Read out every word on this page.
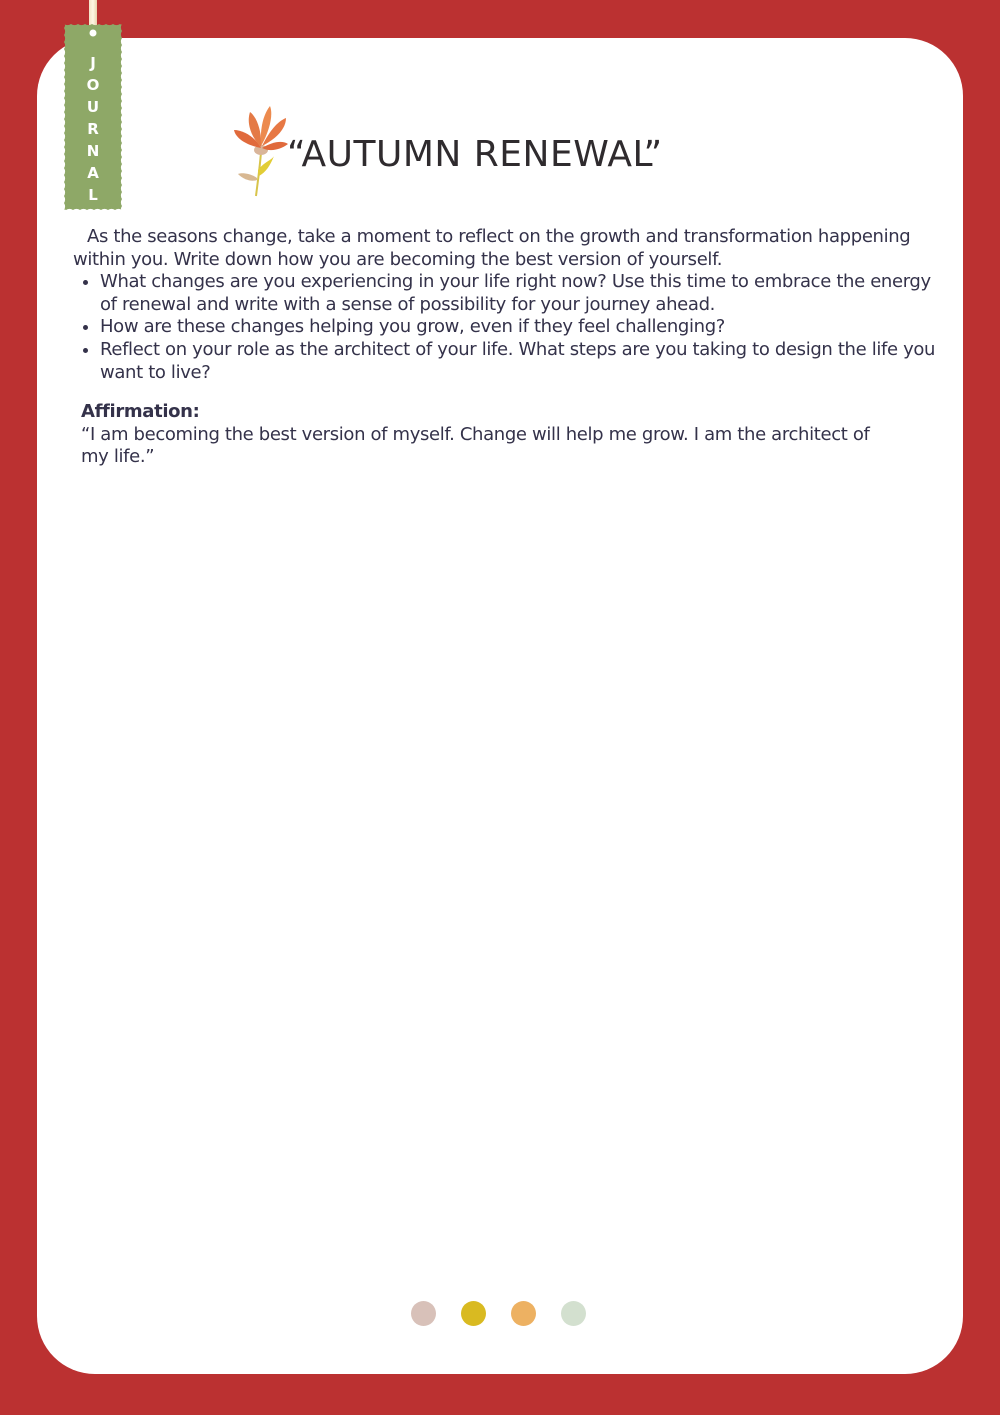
J
O
U
R
N
A
L
“AUTUMN RENEWAL”

As the seasons change, take a moment to reflect on the growth and transformation happening within you. Write down how you are becoming the best version of yourself.

• What changes are you experiencing in your life right now? Use this time to embrace the energy of renewal and write with a sense of possibility for your journey ahead.
• How are these changes helping you grow, even if they feel challenging?
• Reflect on your role as the architect of your life. What steps are you taking to design the life you want to live?

Affirmation:

“I am becoming the best version of myself. Change will help me grow. I am the architect of my life.”
